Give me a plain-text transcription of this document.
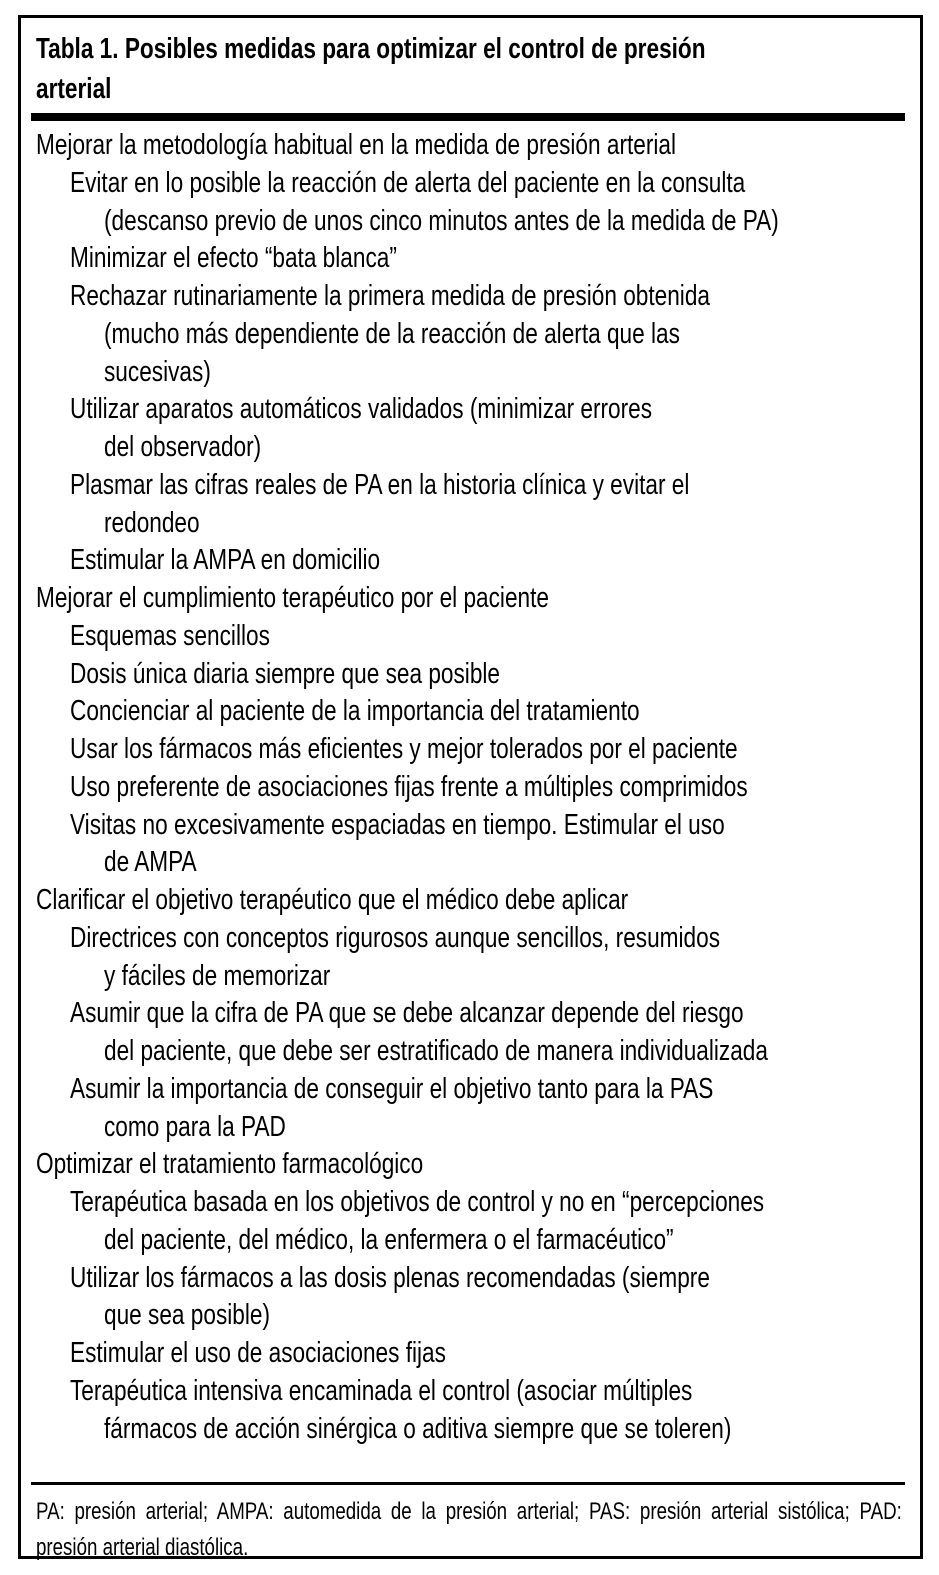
Tabla 1. Posibles medidas para optimizar el control de presión
arterial
Mejorar la metodología habitual en la medida de presión arterial
Evitar en lo posible la reacción de alerta del paciente en la consulta
(descanso previo de unos cinco minutos antes de la medida de PA)
Minimizar el efecto “bata blanca”
Rechazar rutinariamente la primera medida de presión obtenida
(mucho más dependiente de la reacción de alerta que las
sucesivas)
Utilizar aparatos automáticos validados (minimizar errores
del observador)
Plasmar las cifras reales de PA en la historia clínica y evitar el
redondeo
Estimular la AMPA en domicilio
Mejorar el cumplimiento terapéutico por el paciente
Esquemas sencillos
Dosis única diaria siempre que sea posible
Concienciar al paciente de la importancia del tratamiento
Usar los fármacos más eficientes y mejor tolerados por el paciente
Uso preferente de asociaciones fijas frente a múltiples comprimidos
Visitas no excesivamente espaciadas en tiempo. Estimular el uso
de AMPA
Clarificar el objetivo terapéutico que el médico debe aplicar
Directrices con conceptos rigurosos aunque sencillos, resumidos
y fáciles de memorizar
Asumir que la cifra de PA que se debe alcanzar depende del riesgo
del paciente, que debe ser estratificado de manera individualizada
Asumir la importancia de conseguir el objetivo tanto para la PAS
como para la PAD
Optimizar el tratamiento farmacológico
Terapéutica basada en los objetivos de control y no en “percepciones
del paciente, del médico, la enfermera o el farmacéutico”
Utilizar los fármacos a las dosis plenas recomendadas (siempre
que sea posible)
Estimular el uso de asociaciones fijas
Terapéutica intensiva encaminada el control (asociar múltiples
fármacos de acción sinérgica o aditiva siempre que se toleren)
PA: presión arterial; AMPA: automedida de la presión arterial; PAS: presión arterial sistólica; PAD: presión arterial diastólica.
